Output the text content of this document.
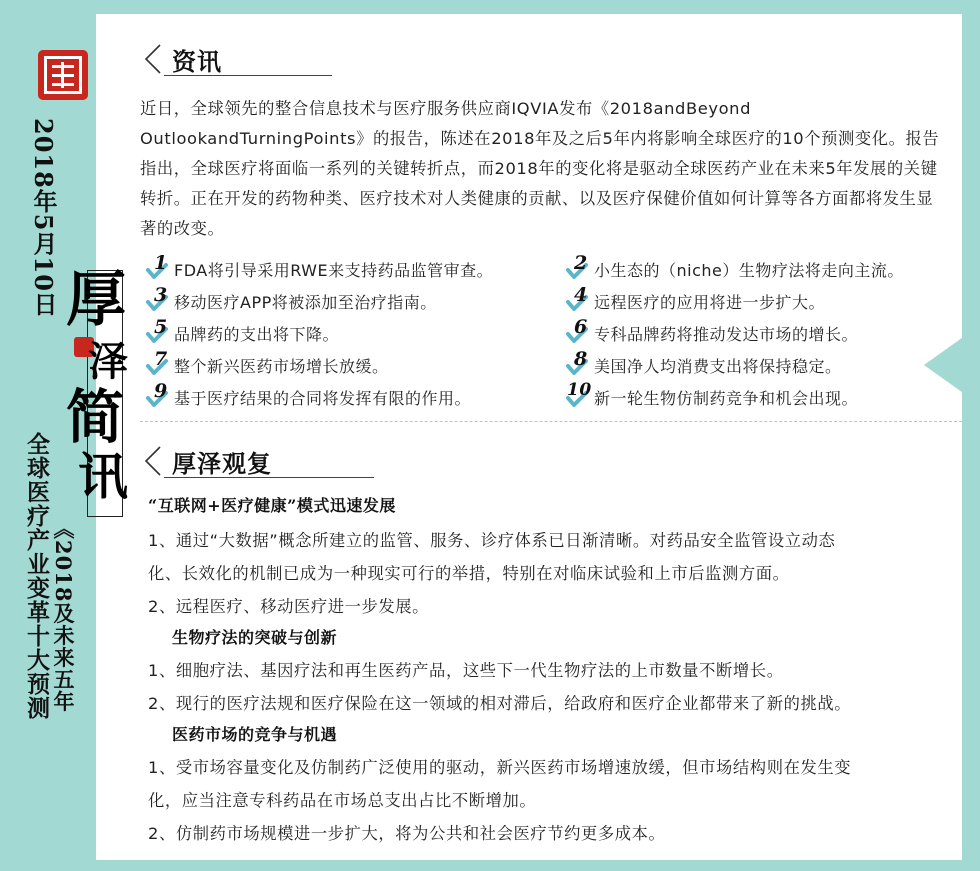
2018年5月10日 厚
泽
简
讯
《2018及未来五年
全球医疗产业变革十大预测
资讯
近日，全球领先的整合信息技术与医疗服务供应商IQVIA发布《2018andBeyond OutlookandTurningPoints》的报告，陈述在2018年及之后5年内将影响全球医疗的10个预测变化。报告指出，全球医疗将面临一系列的关键转折点，而2018年的变化将是驱动全球医药产业在未来5年发展的关键转折。正在开发的药物种类、医疗技术对人类健康的贡献、以及医疗保健价值如何计算等各方面都将发生显著的改变。
1 FDA将引导采用RWE来支持药品监管审查。	2 小生态的（niche）生物疗法将走向主流。
3 移动医疗APP将被添加至治疗指南。	4 远程医疗的应用将进一步扩大。
5 品牌药的支出将下降。	6 专科品牌药将推动发达市场的增长。
7 整个新兴医药市场增长放缓。	8 美国净人均消费支出将保持稳定。
9 基于医疗结果的合同将发挥有限的作用。	10 新一轮生物仿制药竞争和机会出现。
厚泽观复
“互联网+医疗健康”模式迅速发展
1、通过“大数据”概念所建立的监管、服务、诊疗体系已日渐清晰。对药品安全监管设立动态
化、长效化的机制已成为一种现实可行的举措，特别在对临床试验和上市后监测方面。
2、远程医疗、移动医疗进一步发展。
生物疗法的突破与创新
1、细胞疗法、基因疗法和再生医药产品，这些下一代生物疗法的上市数量不断增长。
2、现行的医疗法规和医疗保险在这一领域的相对滞后，给政府和医疗企业都带来了新的挑战。
医药市场的竞争与机遇
1、受市场容量变化及仿制药广泛使用的驱动，新兴医药市场增速放缓，但市场结构则在发生变
化，应当注意专科药品在市场总支出占比不断增加。
2、仿制药市场规模进一步扩大，将为公共和社会医疗节约更多成本。
